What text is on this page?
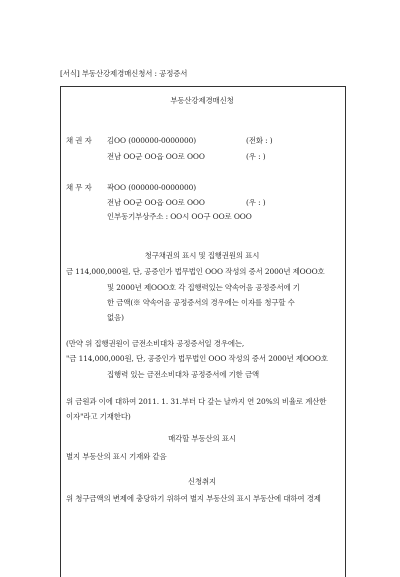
[서식] 부동산강제경매신청서 : 공정증서
부동산강제경매신청
채 권 자 김OO (000000-0000000)	(전화 : )
전남 OO군 OO읍 OO로 OOO	(우 : )
채 무 자 곽OO (000000-0000000)
전남 OO군 OO읍 OO로 OOO	(우 : )
인부동기부상주소 : OO시 OO구 OO로 OOO
청구채권의 표시 및 집행권원의 표시
금 114,000,000원, 단, 공증인가 법무법인 OOO 작성의 증서 2000년 제OOO호
및 2000년 제OOO호 각 집행력있는 약속어음 공정증서에 기
한 금액(※ 약속어음 공정증서의 경우에는 이자를 청구할 수
없음)
(만약 위 집행권원이 금전소비대차 공정증서일 경우에는,
"금 114,000,000원, 단, 공증인가 법무법인 OOO 작성의 증서 2000년 제OOO호
집행력 있는 금전소비대차 공정증서에 기한 금액
위 금원과 이에 대하여 2011. 1. 31.부터 다 갚는 날까지 연 20%의 비율로 계산한
이자"라고 기재한다)
매각할 부동산의 표시
별지 부동산의 표시 기재와 같음
신청취지
위 청구금액의 변제에 충당하기 위하여 별지 부동산의 표시 부동산에 대하여 경제
